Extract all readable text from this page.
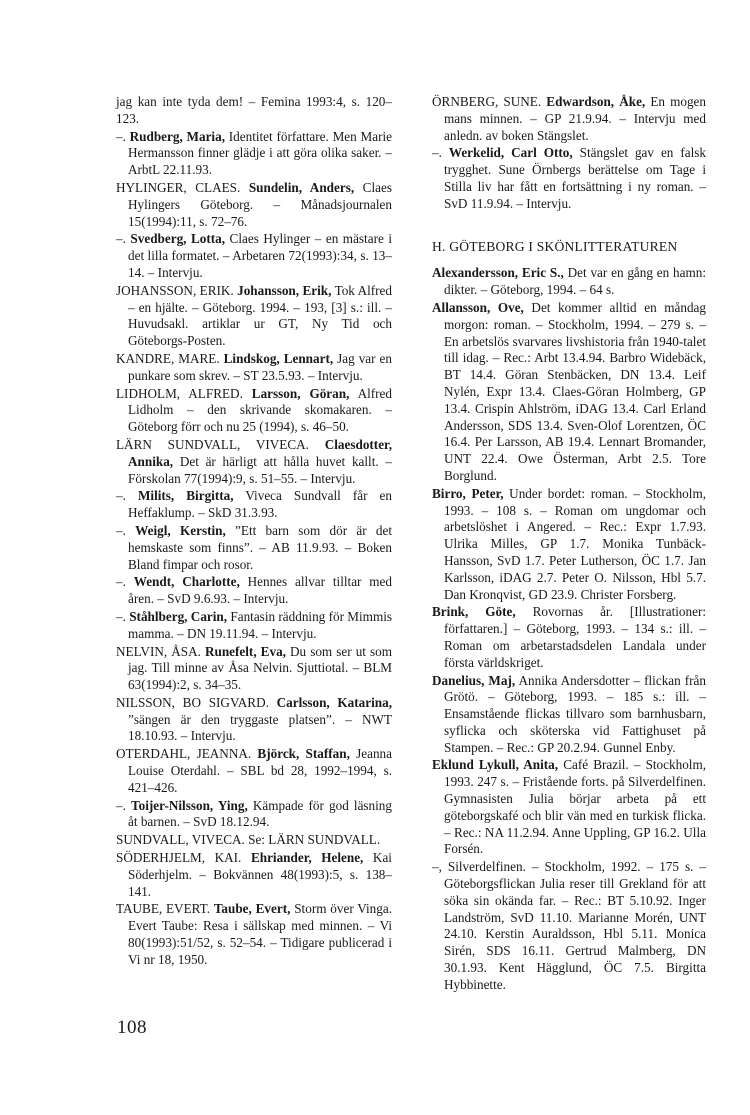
jag kan inte tyda dem! – Femina 1993:4, s. 120–123.

–. Rudberg, Maria, Identitet författare. Men Marie Hermansson finner glädje i att göra olika saker. – ArbtL 22.11.93.

HYLINGER, CLAES. Sundelin, Anders, Claes Hylingers Göteborg. – Månadsjournalen 15(1994):11, s. 72–76.

–. Svedberg, Lotta, Claes Hylinger – en mästare i det lilla formatet. – Arbetaren 72(1993):34, s. 13–14. – Intervju.

JOHANSSON, ERIK. Johansson, Erik, Tok Alfred – en hjälte. – Göteborg. 1994. – 193, [3] s.: ill. – Huvudsakl. artiklar ur GT, Ny Tid och Göteborgs-Posten.

KANDRE, MARE. Lindskog, Lennart, Jag var en punkare som skrev. – ST 23.5.93. – Intervju.

LIDHOLM, ALFRED. Larsson, Göran, Alfred Lidholm – den skrivande skomakaren. – Göteborg förr och nu 25 (1994), s. 46–50.

LÄRN SUNDVALL, VIVECA. Claesdotter, Annika, Det är härligt att hålla huvet kallt. – Förskolan 77(1994):9, s. 51–55. – Intervju.

–. Milits, Birgitta, Viveca Sundvall får en Heffaklump. – SkD 31.3.93.

–. Weigl, Kerstin, ”Ett barn som dör är det hemskaste som finns”. – AB 11.9.93. – Boken Bland fimpar och rosor.

–. Wendt, Charlotte, Hennes allvar tilltar med åren. – SvD 9.6.93. – Intervju.

–. Ståhlberg, Carin, Fantasin räddning för Mimmis mamma. – DN 19.11.94. – Intervju.

NELVIN, ÅSA. Runefelt, Eva, Du som ser ut som jag. Till minne av Åsa Nelvin. Sjuttiotal. – BLM 63(1994):2, s. 34–35.

NILSSON, BO SIGVARD. Carlsson, Katarina, ”sängen är den tryggaste platsen”. – NWT 18.10.93. – Intervju.

OTERDAHL, JEANNA. Björck, Staffan, Jeanna Louise Oterdahl. – SBL bd 28, 1992–1994, s. 421–426.

–. Toijer-Nilsson, Ying, Kämpade för god läsning åt barnen. – SvD 18.12.94.

SUNDVALL, VIVECA. Se: LÄRN SUNDVALL.

SÖDERHJELM, KAI. Ehriander, Helene, Kai Söderhjelm. – Bokvännen 48(1993):5, s. 138–141.

TAUBE, EVERT. Taube, Evert, Storm över Vinga. Evert Taube: Resa i sällskap med minnen. – Vi 80(1993):51/52, s. 52–54. – Tidigare publicerad i Vi nr 18, 1950.

ÖRNBERG, SUNE. Edwardson, Åke, En mogen mans minnen. – GP 21.9.94. – Intervju med anledn. av boken Stängslet.

–. Werkelid, Carl Otto, Stängslet gav en falsk trygghet. Sune Örnbergs berättelse om Tage i Stilla liv har fått en fortsättning i ny roman. – SvD 11.9.94. – Intervju.

H. GÖTEBORG I SKÖNLITTERATUREN

Alexandersson, Eric S., Det var en gång en hamn: dikter. – Göteborg, 1994. – 64 s.

Allansson, Ove, Det kommer alltid en måndag morgon: roman. – Stockholm, 1994. – 279 s. – En arbetslös svarvares livshistoria från 1940-talet till idag. – Rec.: Arbt 13.4.94. Barbro Widebäck, BT 14.4. Göran Stenbäcken, DN 13.4. Leif Nylén, Expr 13.4. Claes-Göran Holmberg, GP 13.4. Crispin Ahlström, iDAG 13.4. Carl Erland Andersson, SDS 13.4. Sven-Olof Lorentzen, ÖC 16.4. Per Larsson, AB 19.4. Lennart Bromander, UNT 22.4. Owe Österman, Arbt 2.5. Tore Borglund.

Birro, Peter, Under bordet: roman. – Stockholm, 1993. – 108 s. – Roman om ungdomar och arbetslöshet i Angered. – Rec.: Expr 1.7.93. Ulrika Milles, GP 1.7. Monika Tunbäck-Hansson, SvD 1.7. Peter Lutherson, ÖC 1.7. Jan Karlsson, iDAG 2.7. Peter O. Nilsson, Hbl 5.7. Dan Kronqvist, GD 23.9. Christer Forsberg.

Brink, Göte, Rovornas år. [Illustrationer: författaren.] – Göteborg, 1993. – 134 s.: ill. – Roman om arbetarstadsdelen Landala under första världskriget.

Danelius, Maj, Annika Andersdotter – flickan från Grötö. – Göteborg, 1993. – 185 s.: ill. – Ensamstående flickas tillvaro som barnhusbarn, syflicka och sköterska vid Fattighuset på Stampen. – Rec.: GP 20.2.94. Gunnel Enby.

Eklund Lykull, Anita, Café Brazil. – Stockholm, 1993. 247 s. – Fristående forts. på Silverdelfinen. Gymnasisten Julia börjar arbeta på ett göteborgskafé och blir vän med en turkisk flicka. – Rec.: NA 11.2.94. Anne Uppling, GP 16.2. Ulla Forsén.

–, Silverdelfinen. – Stockholm, 1992. – 175 s. – Göteborgsflickan Julia reser till Grekland för att söka sin okända far. – Rec.: BT 5.10.92. Inger Landström, SvD 11.10. Marianne Morén, UNT 24.10. Kerstin Auraldsson, Hbl 5.11. Monica Sirén, SDS 16.11. Gertrud Malmberg, DN 30.1.93. Kent Hägglund, ÖC 7.5. Birgitta Hybbinette.

108
